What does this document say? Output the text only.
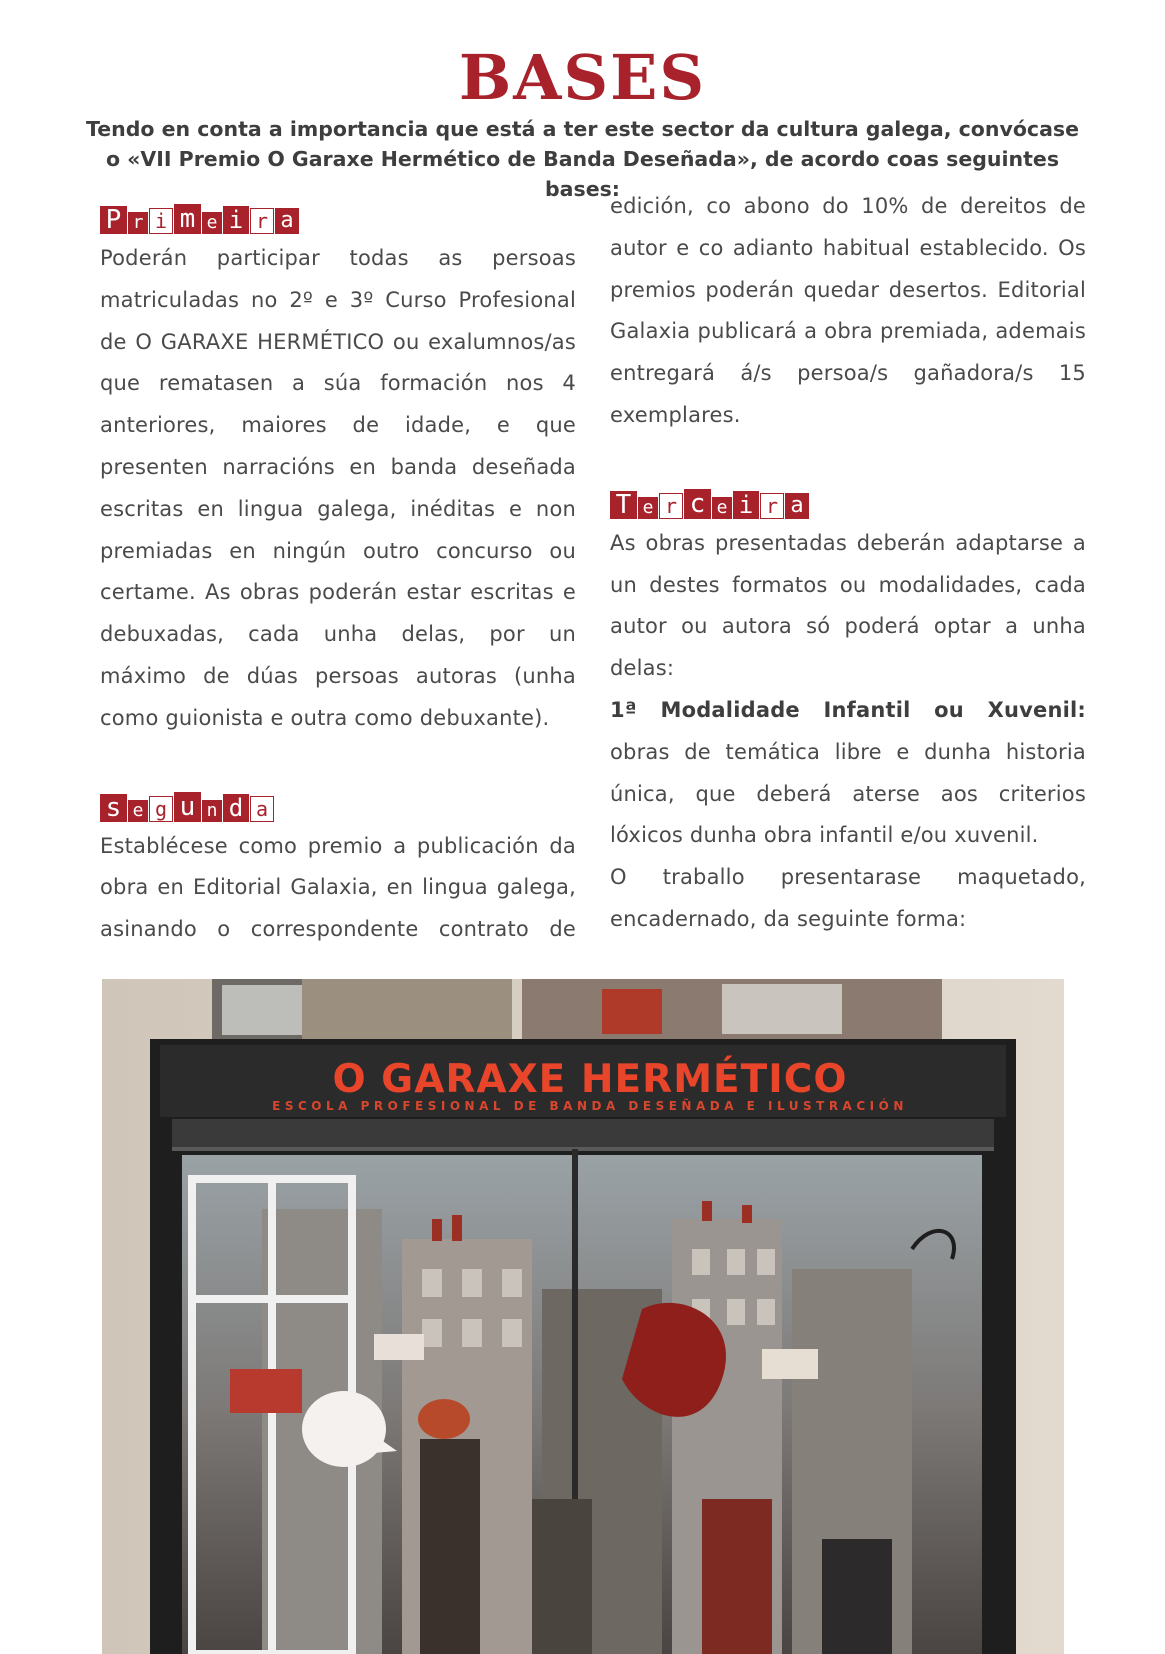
BASES

Tendo en conta a importancia que está a ter este sector da cultura galega, convócase o «VII Premio O Garaxe Hermético de Banda Deseñada», de acordo coas seguintes bases:

P r i m e i r a

Poderán participar todas as persoas matriculadas no 2º e 3º Curso Profesional de O GARAXE HERMÉTICO ou exalumnos/as que rematasen a súa formación nos 4 anteriores, maiores de idade, e que presenten narracións en banda deseñada escritas en lingua galega, inéditas e non premiadas en ningún outro concurso ou certame. As obras poderán estar escritas e debuxadas, cada unha delas, por un máximo de dúas persoas autoras (unha como guionista e outra como debuxante).

s e g u n d a

Establécese como premio a publicación da obra en Editorial Galaxia, en lingua galega, asinando o correspondente contrato de

edición, co abono do 10% de dereitos de autor e co adianto habitual establecido. Os premios poderán quedar desertos. Editorial Galaxia publicará a obra premiada, ademais entregará á/s persoa/s gañadora/s 15 exemplares.

T e r c e i r a

As obras presentadas deberán adaptarse a un destes formatos ou modalidades, cada autor ou autora só poderá optar a unha delas:

1ª Modalidade Infantil ou Xuvenil:

obras de temática libre e dunha historia única, que deberá aterse aos criterios lóxicos dunha obra infantil e/ou xuvenil.

O traballo presentarase maquetado, encadernado, da seguinte forma:

O GARAXE HERMÉTICO
ESCOLA PROFESIONAL DE BANDA DESEÑADA E ILUSTRACIÓN
